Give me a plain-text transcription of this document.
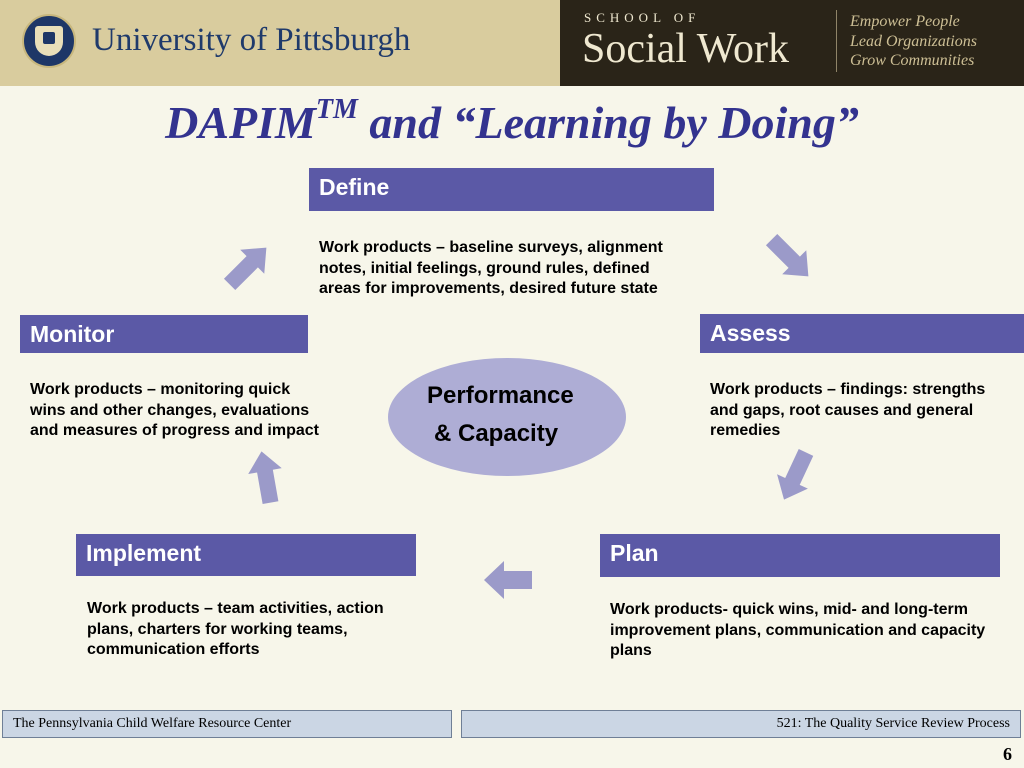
University of Pittsburgh
SCHOOL OF
Social Work
Empower People
Lead Organizations
Grow Communities
DAPIM™ and “Learning by Doing”
Define
Work products – baseline surveys, alignment notes, initial feelings, ground rules, defined areas for improvements, desired future state
Assess
Work products – findings: strengths and gaps, root causes and general remedies
Plan
Work products- quick wins, mid- and long-term improvement plans, communication and capacity plans
Implement
Work products – team activities, action plans, charters for working teams, communication efforts
Monitor
Work products – monitoring quick wins and other changes, evaluations and measures of progress and impact
Performance
& Capacity
The Pennsylvania Child Welfare Resource Center	521: The Quality Service Review Process
6
